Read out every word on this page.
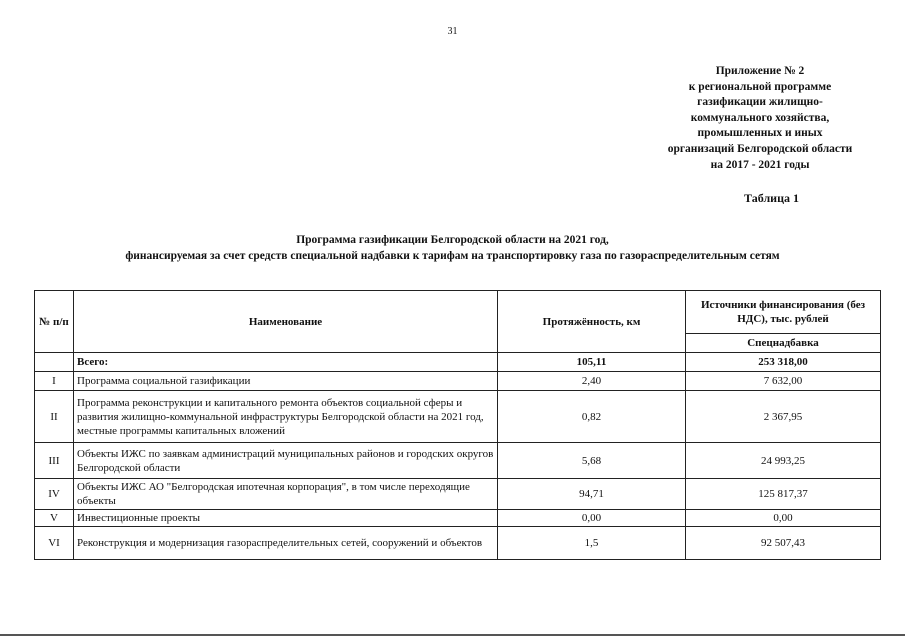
31
Приложение № 2
к региональной программе
газификации жилищно-
коммунального хозяйства,
промышленных и иных
организаций Белгородской области
на 2017 - 2021 годы
Таблица 1
Программа газификации Белгородской области на 2021 год,
финансируемая за счет средств специальной надбавки к тарифам на транспортировку газа по газораспределительным сетям
№ п/п	Наименование	Протяжённость, км	Источники финансирования (без НДС), тыс. рублей
			Спецнадбавка
	Всего:	105,11	253 318,00
I	Программа социальной газификации	2,40	7 632,00
II	Программа реконструкции и капитального ремонта объектов социальной сферы и развития жилищно-коммунальной инфраструктуры Белгородской области на 2021 год, местные программы капитальных вложений	0,82	2 367,95
III	Объекты ИЖС по заявкам администраций муниципальных районов и городских округов Белгородской области	5,68	24 993,25
IV	Объекты ИЖС АО "Белгородская ипотечная корпорация", в том числе переходящие объекты	94,71	125 817,37
V	Инвестиционные проекты	0,00	0,00
VI	Реконструкция и модернизация газораспределительных сетей, сооружений и объектов	1,5	92 507,43
